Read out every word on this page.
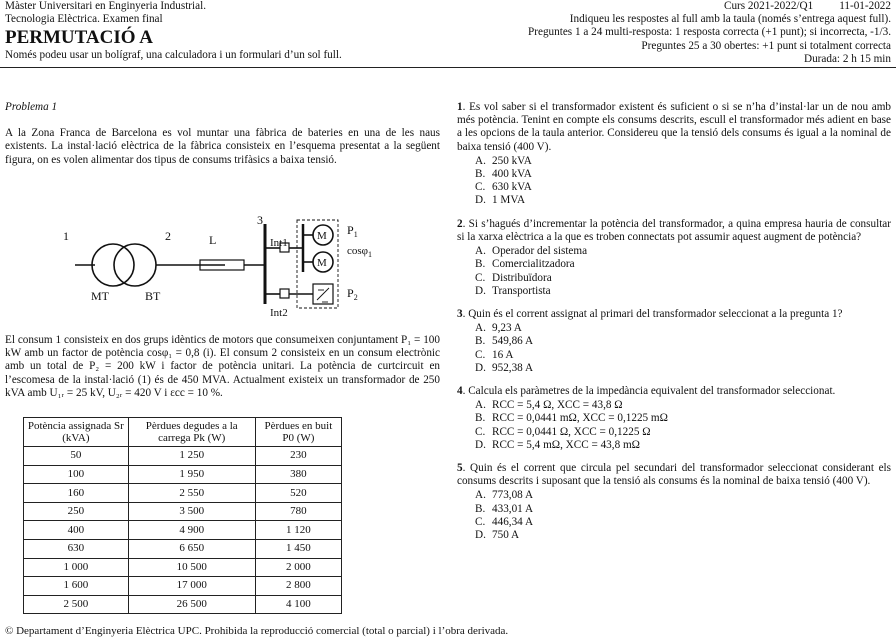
Màster Universitari en Enginyeria Industrial.
Tecnologia Elèctrica. Examen final
PERMUTACIÓ A
Només podeu usar un bolígraf, una calculadora i un formulari d’un sol full.
Curs 2021-2022/Q1 11-01-2022
Indiqueu les respostes al full amb la taula (només s’entrega aquest full).
Preguntes 1 a 24 multi-resposta: 1 resposta correcta (+1 punt); si incorrecta, -1/3.
Preguntes 25 a 30 obertes: +1 punt si totalment correcta
Durada: 2 h 15 min

Problema 1

A la Zona Franca de Barcelona es vol muntar una fàbrica de bateries en una de les naus existents. La instal·lació elèctrica de la fàbrica consisteix en l’esquema presentat a la següent figura, on es volen alimentar dos tipus de consums trifàsics a baixa tensió.

1	2
3
L
MT	BT
Int1
Int2
M
M
$P_1$
cosφ$_1$
$P_2$
El consum 1 consisteix en dos grups idèntics de motors que consumeixen conjuntament P₁ = 100 kW amb un factor de potència cosφ₁ = 0,8 (i). El consum 2 consisteix en un consum electrònic amb un total de P₂ = 200 kW i factor de potència unitari. La potència de curtcircuit en l’escomesa de la instal·lació (1) és de 450 MVA. Actualment existeix un transformador de 250 kVA amb U₁ᵣ = 25 kV, U₂ᵣ = 420 V i εcc = 10 %.
Potència assignada Sr (kVA)	Pèrdues degudes a la carrega Pk (W)	Pèrdues en buit P0 (W)
50	1 250	230
100	1 950	380
160	2 550	520
250	3 500	780
400	4 900	1 120
630	6 650	1 450
1 000	10 500	2 000
1 600	17 000	2 800
2 500	26 500	4 100

1. Es vol saber si el transformador existent és suficient o si se n’ha d’instal·lar un de nou amb més potència. Tenint en compte els consums descrits, escull el transformador més adient en base a les opcions de la taula anterior. Considereu que la tensió dels consums és igual a la nominal de baixa tensió (400 V).

A. 250 kVA
B. 400 kVA
C. 630 kVA
D. 1 MVA

2. Si s’hagués d’incrementar la potència del transformador, a quina empresa hauria de consultar si la xarxa elèctrica a la que es troben connectats pot assumir aquest augment de potència?

A. Operador del sistema
B. Comercialitzadora
C. Distribuïdora
D. Transportista

3. Quin és el corrent assignat al primari del transformador seleccionat a la pregunta 1?

A. 9,23 A
B. 549,86 A
C. 16 A
D. 952,38 A

4. Calcula els paràmetres de la impedància equivalent del transformador seleccionat.

A. RCC = 5,4 Ω, XCC = 43,8 Ω
B. RCC = 0,0441 mΩ, XCC = 0,1225 mΩ
C. RCC = 0,0441 Ω, XCC = 0,1225 Ω
D. RCC = 5,4 mΩ, XCC = 43,8 mΩ

5. Quin és el corrent que circula pel secundari del transformador seleccionat considerant els consums descrits i suposant que la tensió als consums és la nominal de baixa tensió (400 V).

A. 773,08 A
B. 433,01 A
C. 446,34 A
D. 750 A
© Departament d’Enginyeria Elèctrica UPC. Prohibida la reproducció comercial (total o parcial) i l’obra derivada.
